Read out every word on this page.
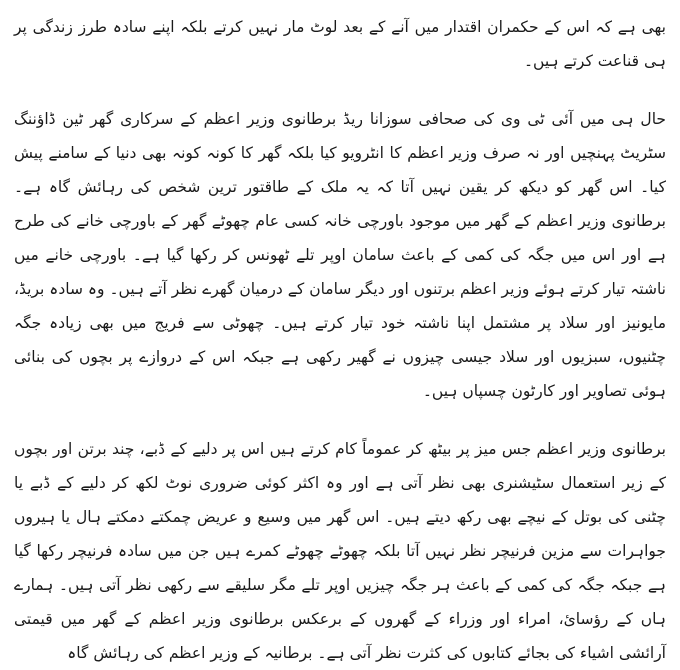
بھی ہے کہ اس کے حکمران اقتدار میں آنے کے بعد لوٹ مار نہیں کرتے بلکہ اپنے سادہ طرز زندگی پر ہی قناعت کرتے ہیں۔

حال ہی میں آئی ٹی وی کی صحافی سوزانا ریڈ برطانوی وزیر اعظم کے سرکاری گھر ٹین ڈاؤننگ سٹریٹ پہنچیں اور نہ صرف وزیر اعظم کا انٹرویو کیا بلکہ گھر کا کونہ کونہ بھی دنیا کے سامنے پیش کیا۔ اس گھر کو دیکھ کر یقین نہیں آتا کہ یہ ملک کے طاقتور ترین شخص کی رہائش گاہ ہے۔ برطانوی وزیر اعظم کے گھر میں موجود باورچی خانہ کسی عام چھوٹے گھر کے باورچی خانے کی طرح ہے اور اس میں جگہ کی کمی کے باعث سامان اوپر تلے ٹھونس کر رکھا گیا ہے۔ باورچی خانے میں ناشتہ تیار کرتے ہوئے وزیر اعظم برتنوں اور دیگر سامان کے درمیان گھرے نظر آتے ہیں۔ وہ سادہ بریڈ، مایونیز اور سلاد پر مشتمل اپنا ناشتہ خود تیار کرتے ہیں۔ چھوٹی سے فریج میں بھی زیادہ جگہ چٹنیوں، سبزیوں اور سلاد جیسی چیزوں نے گھیر رکھی ہے جبکہ اس کے دروازے پر بچوں کی بنائی ہوئی تصاویر اور کارٹون چسپاں ہیں۔

برطانوی وزیر اعظم جس میز پر بیٹھ کر عموماً کام کرتے ہیں اس پر دلیے کے ڈبے، چند برتن اور بچوں کے زیر استعمال سٹیشنری بھی نظر آتی ہے اور وہ اکثر کوئی ضروری نوٹ لکھ کر دلیے کے ڈبے یا چٹنی کی بوتل کے نیچے بھی رکھ دیتے ہیں۔ اس گھر میں وسیع و عریض چمکتے دمکتے ہال یا ہیروں جواہرات سے مزین فرنیچر نظر نہیں آتا بلکہ چھوٹے چھوٹے کمرے ہیں جن میں سادہ فرنیچر رکھا گیا ہے جبکہ جگہ کی کمی کے باعث ہر جگہ چیزیں اوپر تلے مگر سلیقے سے رکھی نظر آتی ہیں۔ ہمارے ہاں کے رؤسائ، امراء اور وزراء کے گھروں کے برعکس برطانوی وزیر اعظم کے گھر میں قیمتی آرائشی اشیاء کی بجائے کتابوں کی کثرت نظر آتی ہے۔ برطانیہ کے وزیر اعظم کی رہائش گاہ
